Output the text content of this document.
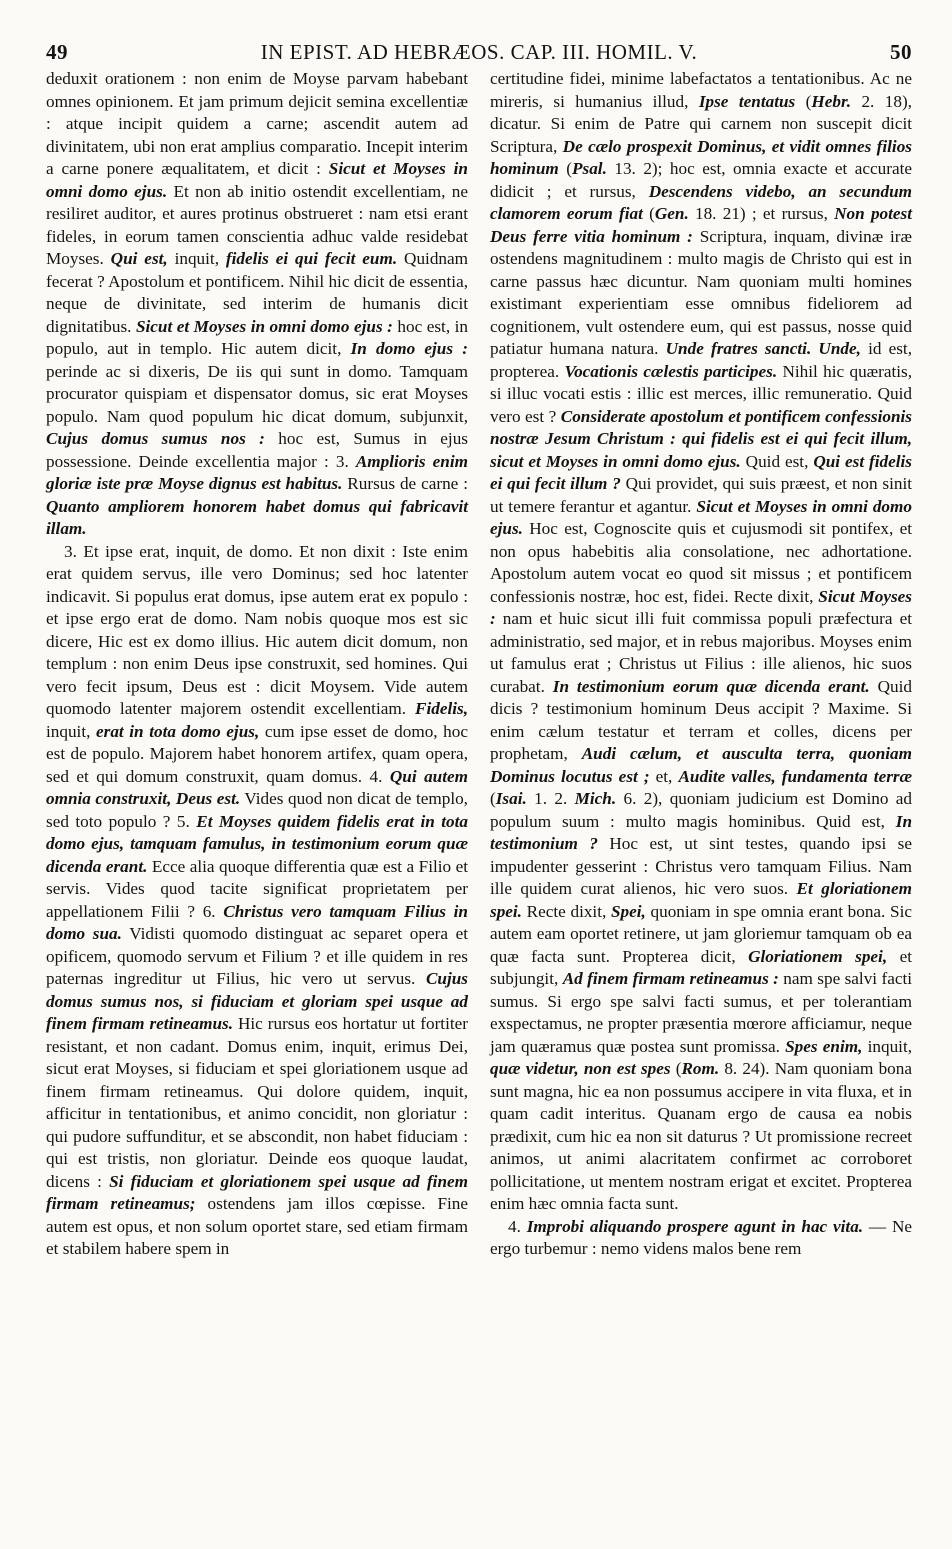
49	IN EPIST. AD HEBRÆOS. CAP. III. HOMIL. V.	50

deduxit orationem : non enim de Moyse parvam habebant omnes opinionem. Et jam primum dejicit semina excellentiæ : atque incipit quidem a carne; ascendit autem ad divinitatem, ubi non erat amplius comparatio. Incepit interim a carne ponere æqualitatem, et dicit : Sicut et Moyses in omni domo ejus. Et non ab initio ostendit excellentiam, ne resiliret auditor, et aures protinus obstrueret : nam etsi erant fideles, in eorum tamen conscientia adhuc valde residebat Moyses. Qui est, inquit, fidelis ei qui fecit eum. Quidnam fecerat ? Apostolum et pontificem. Nihil hic dicit de essentia, neque de divinitate, sed interim de humanis dicit dignitatibus. Sicut et Moyses in omni domo ejus : hoc est, in populo, aut in templo. Hic autem dicit, In domo ejus : perinde ac si dixeris, De iis qui sunt in domo. Tamquam procurator quispiam et dispensator domus, sic erat Moyses populo. Nam quod populum hic dicat domum, subjunxit, Cujus domus sumus nos : hoc est, Sumus in ejus possessione. Deinde excellentia major : 3. Amplioris enim gloriæ iste præ Moyse dignus est habitus. Rursus de carne : Quanto ampliorem honorem habet domus qui fabricavit illam.

3. Et ipse erat, inquit, de domo. Et non dixit : Iste enim erat quidem servus, ille vero Dominus; sed hoc latenter indicavit. Si populus erat domus, ipse autem erat ex populo : et ipse ergo erat de domo. Nam nobis quoque mos est sic dicere, Hic est ex domo illius. Hic autem dicit domum, non templum : non enim Deus ipse construxit, sed homines. Qui vero fecit ipsum, Deus est : dicit Moysem. Vide autem quomodo latenter majorem ostendit excellentiam. Fidelis, inquit, erat in tota domo ejus, cum ipse esset de domo, hoc est de populo. Majorem habet honorem artifex, quam opera, sed et qui domum construxit, quam domus. 4. Qui autem omnia construxit, Deus est. Vides quod non dicat de templo, sed toto populo ? 5. Et Moyses quidem fidelis erat in tota domo ejus, tamquam famulus, in testimonium eorum quæ dicenda erant. Ecce alia quoque differentia quæ est a Filio et servis. Vides quod tacite significat proprietatem per appellationem Filii ? 6. Christus vero tamquam Filius in domo sua. Vidisti quomodo distinguat ac separet opera et opificem, quomodo servum et Filium ? et ille quidem in res paternas ingreditur ut Filius, hic vero ut servus. Cujus domus sumus nos, si fiduciam et gloriam spei usque ad finem firmam retineamus. Hic rursus eos hortatur ut fortiter resistant, et non cadant. Domus enim, inquit, erimus Dei, sicut erat Moyses, si fiduciam et spei gloriationem usque ad finem firmam retineamus. Qui dolore quidem, inquit, afficitur in tentationibus, et animo concidit, non gloriatur : qui pudore suffunditur, et se abscondit, non habet fiduciam : qui est tristis, non gloriatur. Deinde eos quoque laudat, dicens : Si fiduciam et gloriationem spei usque ad finem firmam retineamus; ostendens jam illos cœpisse. Fine autem est opus, et non solum oportet stare, sed etiam firmam et stabilem habere spem in

certitudine fidei, minime labefactatos a tentationibus. Ac ne mireris, si humanius illud, Ipse tentatus (Hebr. 2. 18), dicatur. Si enim de Patre qui carnem non suscepit dicit Scriptura, De cælo prospexit Dominus, et vidit omnes filios hominum (Psal. 13. 2); hoc est, omnia exacte et accurate didicit ; et rursus, Descendens videbo, an secundum clamorem eorum fiat (Gen. 18. 21) ; et rursus, Non potest Deus ferre vitia hominum : Scriptura, inquam, divinæ iræ ostendens magnitudinem : multo magis de Christo qui est in carne passus hæc dicuntur. Nam quoniam multi homines existimant experientiam esse omnibus fideliorem ad cognitionem, vult ostendere eum, qui est passus, nosse quid patiatur humana natura. Unde fratres sancti. Unde, id est, propterea. Vocationis cælestis participes. Nihil hic quæratis, si illuc vocati estis : illic est merces, illic remuneratio. Quid vero est ? Considerate apostolum et pontificem confessionis nostræ Jesum Christum : qui fidelis est ei qui fecit illum, sicut et Moyses in omni domo ejus. Quid est, Qui est fidelis ei qui fecit illum ? Qui providet, qui suis præest, et non sinit ut temere ferantur et agantur. Sicut et Moyses in omni domo ejus. Hoc est, Cognoscite quis et cujusmodi sit pontifex, et non opus habebitis alia consolatione, nec adhortatione. Apostolum autem vocat eo quod sit missus ; et pontificem confessionis nostræ, hoc est, fidei. Recte dixit, Sicut Moyses : nam et huic sicut illi fuit commissa populi præfectura et administratio, sed major, et in rebus majoribus. Moyses enim ut famulus erat ; Christus ut Filius : ille alienos, hic suos curabat. In testimonium eorum quæ dicenda erant. Quid dicis ? testimonium hominum Deus accipit ? Maxime. Si enim cælum testatur et terram et colles, dicens per prophetam, Audi cælum, et ausculta terra, quoniam Dominus locutus est ; et, Audite valles, fundamenta terræ (Isai. 1. 2. Mich. 6. 2), quoniam judicium est Domino ad populum suum : multo magis hominibus. Quid est, In testimonium ? Hoc est, ut sint testes, quando ipsi se impudenter gesserint : Christus vero tamquam Filius. Nam ille quidem curat alienos, hic vero suos. Et gloriationem spei. Recte dixit, Spei, quoniam in spe omnia erant bona. Sic autem eam oportet retinere, ut jam gloriemur tamquam ob ea quæ facta sunt. Propterea dicit, Gloriationem spei, et subjungit, Ad finem firmam retineamus : nam spe salvi facti sumus. Si ergo spe salvi facti sumus, et per tolerantiam exspectamus, ne propter præsentia mœrore afficiamur, neque jam quæramus quæ postea sunt promissa. Spes enim, inquit, quæ videtur, non est spes (Rom. 8. 24). Nam quoniam bona sunt magna, hic ea non possumus accipere in vita fluxa, et in quam cadit interitus. Quanam ergo de causa ea nobis prædixit, cum hic ea non sit daturus ? Ut promissione recreet animos, ut animi alacritatem confirmet ac corroboret pollicitatione, ut mentem nostram erigat et excitet. Propterea enim hæc omnia facta sunt.

4. Improbi aliquando prospere agunt in hac vita. — Ne ergo turbemur : nemo videns malos bene rem
